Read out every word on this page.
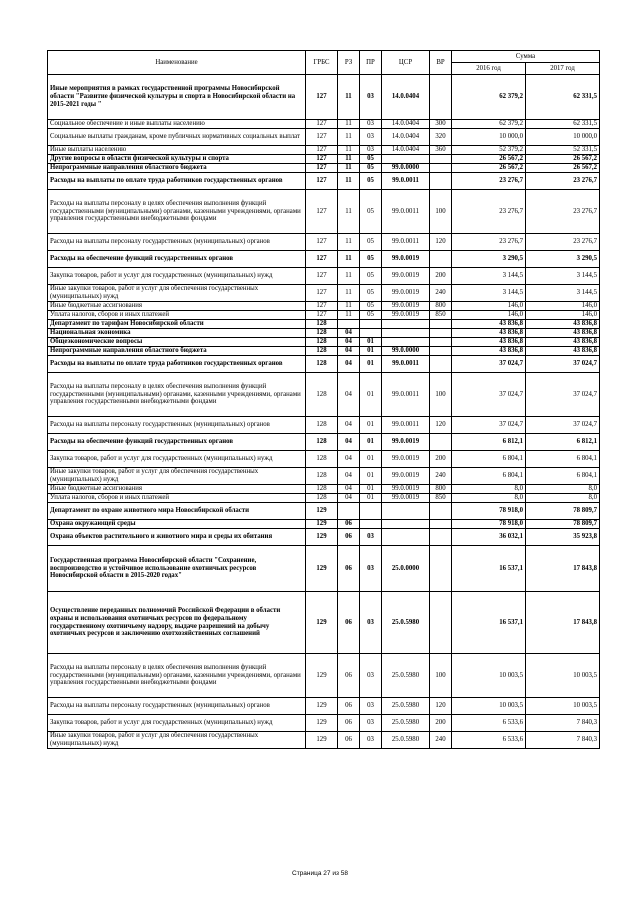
Наименование	ГРБС	РЗ	ПР	ЦСР	ВР	Сумма	
						2016 год	2017 год
Иные мероприятия в рамках государственной программы Новосибирской области "Развитие физической культуры и спорта в Новосибирской области на 2015-2021 годы "	127	11	03	14.0.0404		62 379,2	62 331,5
Социальное обеспечение и иные выплаты населению	127	11	03	14.0.0404	300	62 379,2	62 331,5
Социальные выплаты гражданам, кроме публичных нормативных социальных выплат	127	11	03	14.0.0404	320	10 000,0	10 000,0
Иные выплаты населению	127	11	03	14.0.0404	360	52 379,2	52 331,5
Другие вопросы в области физической культуры и спорта	127	11	05			26 567,2	26 567,2
Непрограммные направления областного бюджета	127	11	05	99.0.0000		26 567,2	26 567,2
Расходы на выплаты по оплате труда работников государственных органов	127	11	05	99.0.0011		23 276,7	23 276,7
Расходы на выплаты персоналу в целях обеспечения выполнения функций государственными (муниципальными) органами, казенными учреждениями, органами управления государственными внебюджетными фондами	127	11	05	99.0.0011	100	23 276,7	23 276,7
Расходы на выплаты персоналу государственных (муниципальных) органов	127	11	05	99.0.0011	120	23 276,7	23 276,7
Расходы на обеспечение функций государственных органов	127	11	05	99.0.0019		3 290,5	3 290,5
Закупка товаров, работ и услуг для государственных (муниципальных) нужд	127	11	05	99.0.0019	200	3 144,5	3 144,5
Иные закупки товаров, работ и услуг для обеспечения государственных (муниципальных) нужд	127	11	05	99.0.0019	240	3 144,5	3 144,5
Иные бюджетные ассигнования	127	11	05	99.0.0019	800	146,0	146,0
Уплата налогов, сборов и иных платежей	127	11	05	99.0.0019	850	146,0	146,0
Департамент по тарифам Новосибирской области	128					43 836,8	43 836,8
Национальная экономика	128	04				43 836,8	43 836,8
Общеэкономические вопросы	128	04	01			43 836,8	43 836,8
Непрограммные направления областного бюджета	128	04	01	99.0.0000		43 836,8	43 836,8
Расходы на выплаты по оплате труда работников государственных органов	128	04	01	99.0.0011		37 024,7	37 024,7
Расходы на выплаты персоналу в целях обеспечения выполнения функций государственными (муниципальными) органами, казенными учреждениями, органами управления государственными внебюджетными фондами	128	04	01	99.0.0011	100	37 024,7	37 024,7
Расходы на выплаты персоналу государственных (муниципальных) органов	128	04	01	99.0.0011	120	37 024,7	37 024,7
Расходы на обеспечение функций государственных органов	128	04	01	99.0.0019		6 812,1	6 812,1
Закупка товаров, работ и услуг для государственных (муниципальных) нужд	128	04	01	99.0.0019	200	6 804,1	6 804,1
Иные закупки товаров, работ и услуг для обеспечения государственных (муниципальных) нужд	128	04	01	99.0.0019	240	6 804,1	6 804,1
Иные бюджетные ассигнования	128	04	01	99.0.0019	800	8,0	8,0
Уплата налогов, сборов и иных платежей	128	04	01	99.0.0019	850	8,0	8,0
Департамент по охране животного мира Новосибирской области	129					78 918,0	78 809,7
Охрана окружающей среды	129	06				78 918,0	78 809,7
Охрана объектов растительного и животного мира и среды их обитания	129	06	03			36 032,1	35 923,8
Государственная программа Новосибирской области "Сохранение, воспроизводство и устойчивое использование охотничьих ресурсов Новосибирской области в 2015-2020 годах"	129	06	03	25.0.0000		16 537,1	17 843,8
Осуществление переданных полномочий Российской Федерации в области охраны и использования охотничьих ресурсов по федеральному государственному охотничьему надзору, выдаче разрешений на добычу охотничьих ресурсов и заключению охотхозяйственных соглашений	129	06	03	25.0.5980		16 537,1	17 843,8
Расходы на выплаты персоналу в целях обеспечения выполнения функций государственными (муниципальными) органами, казенными учреждениями, органами управления государственными внебюджетными фондами	129	06	03	25.0.5980	100	10 003,5	10 003,5
Расходы на выплаты персоналу государственных (муниципальных) органов	129	06	03	25.0.5980	120	10 003,5	10 003,5
Закупка товаров, работ и услуг для государственных (муниципальных) нужд	129	06	03	25.0.5980	200	6 533,6	7 840,3
Иные закупки товаров, работ и услуг для обеспечения государственных (муниципальных) нужд	129	06	03	25.0.5980	240	6 533,6	7 840,3
Страница 27 из 58
